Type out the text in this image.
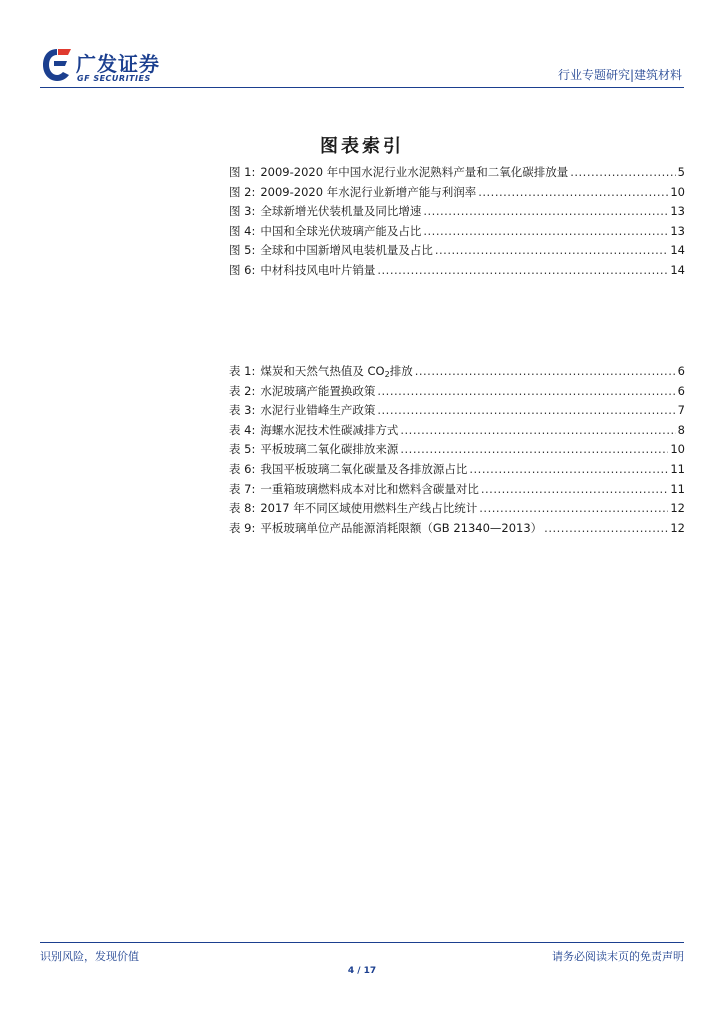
广发证券
GF SECURITIES	行业专题研究|建筑材料
图表索引
图 1: 2009-2020 年中国水泥行业水泥熟料产量和二氧化碳排放量 .....	5
图 2: 2009-2020 年水泥行业新增产能与利润率 .....	10
图 3: 全球新增光伏装机量及同比增速 .....	13
图 4: 中国和全球光伏玻璃产能及占比 .....	13
图 5: 全球和中国新增风电装机量及占比 .....	14
图 6: 中材科技风电叶片销量 .....	14
表 1: 煤炭和天然气热值及 $CO_2$排放 .....	6
表 2: 水泥玻璃产能置换政策 .....	6
表 3: 水泥行业错峰生产政策 .....	7
表 4: 海螺水泥技术性碳减排方式 .....	8
表 5: 平板玻璃二氧化碳排放来源 .....	10
表 6: 我国平板玻璃二氧化碳量及各排放源占比 .....	11
表 7: 一重箱玻璃燃料成本对比和燃料含碳量对比 .....	11
表 8: 2017 年不同区域使用燃料生产线占比统计 .....	12
表 9: 平板玻璃单位产品能源消耗限额（GB 21340—2013） .....	12
识别风险，发现价值	请务必阅读末页的免责声明
4 / 17
